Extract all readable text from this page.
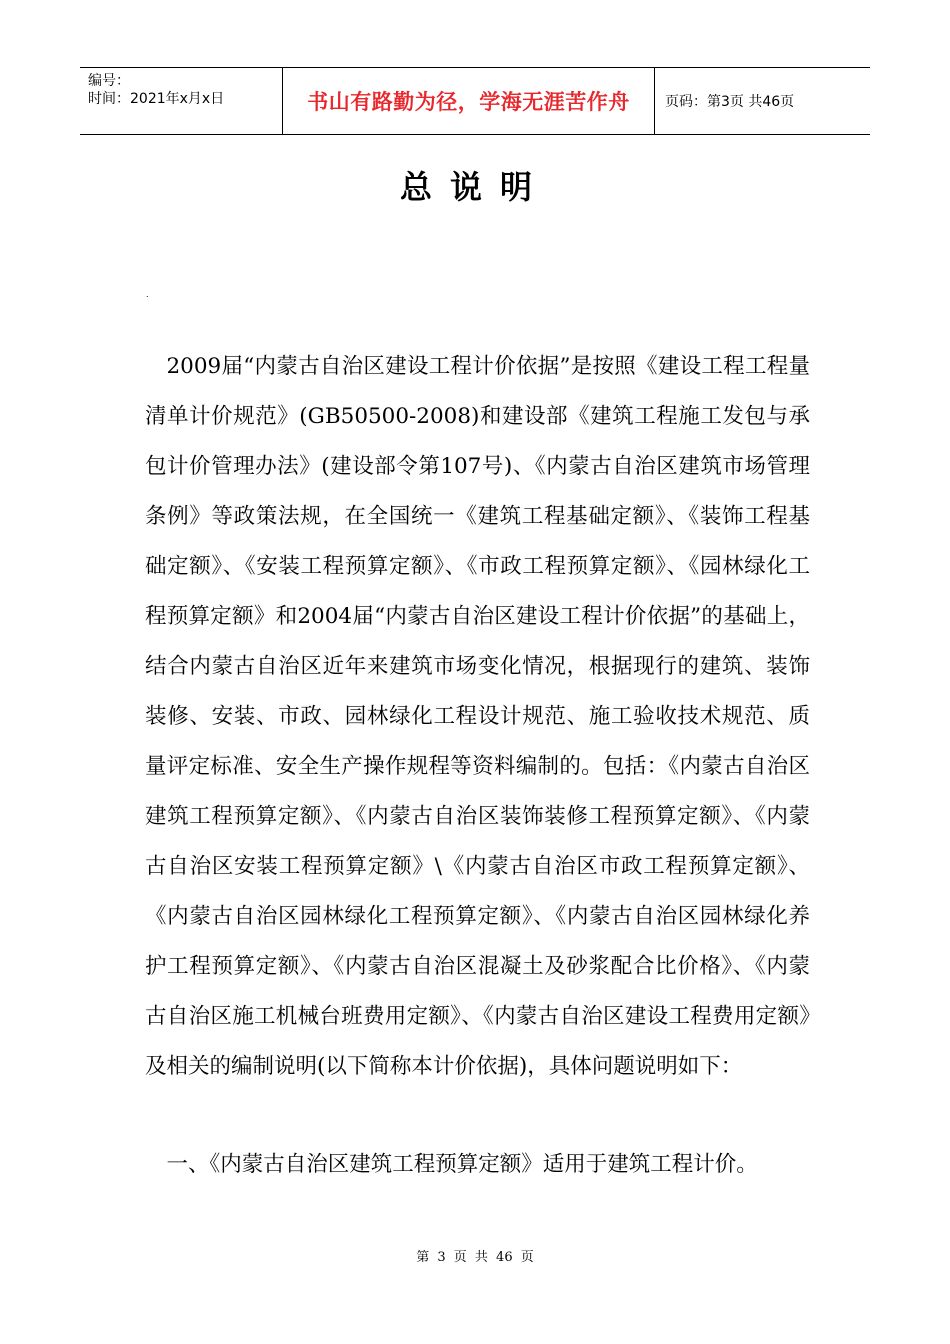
编号：
时间：2021年x月x日	书山有路勤为径，学海无涯苦作舟	页码：第3页 共46页
总说明
.
2009届“内蒙古自治区建设工程计价依据”是按照《建设工程工程量清单计价规范》(GB50500-2008)和建设部《建筑工程施工发包与承包计价管理办法》(建设部令第107号)、《内蒙古自治区建筑市场管理条例》等政策法规，在全国统一《建筑工程基础定额》、《装饰工程基础定额》、《安装工程预算定额》、《市政工程预算定额》、《园林绿化工程预算定额》和2004届“内蒙古自治区建设工程计价依据”的基础上，结合内蒙古自治区近年来建筑市场变化情况，根据现行的建筑、装饰装修、安装、市政、园林绿化工程设计规范、施工验收技术规范、质量评定标准、安全生产操作规程等资料编制的。包括：《内蒙古自治区建筑工程预算定额》、《内蒙古自治区装饰装修工程预算定额》、《内蒙古自治区安装工程预算定额》\《内蒙古自治区市政工程预算定额》、《内蒙古自治区园林绿化工程预算定额》、《内蒙古自治区园林绿化养护工程预算定额》、《内蒙古自治区混凝土及砂浆配合比价格》、《内蒙古自治区施工机械台班费用定额》、《内蒙古自治区建设工程费用定额》及相关的编制说明(以下简称本计价依据)，具体问题说明如下：
一、《内蒙古自治区建筑工程预算定额》适用于建筑工程计价。
第 3 页 共 46 页
